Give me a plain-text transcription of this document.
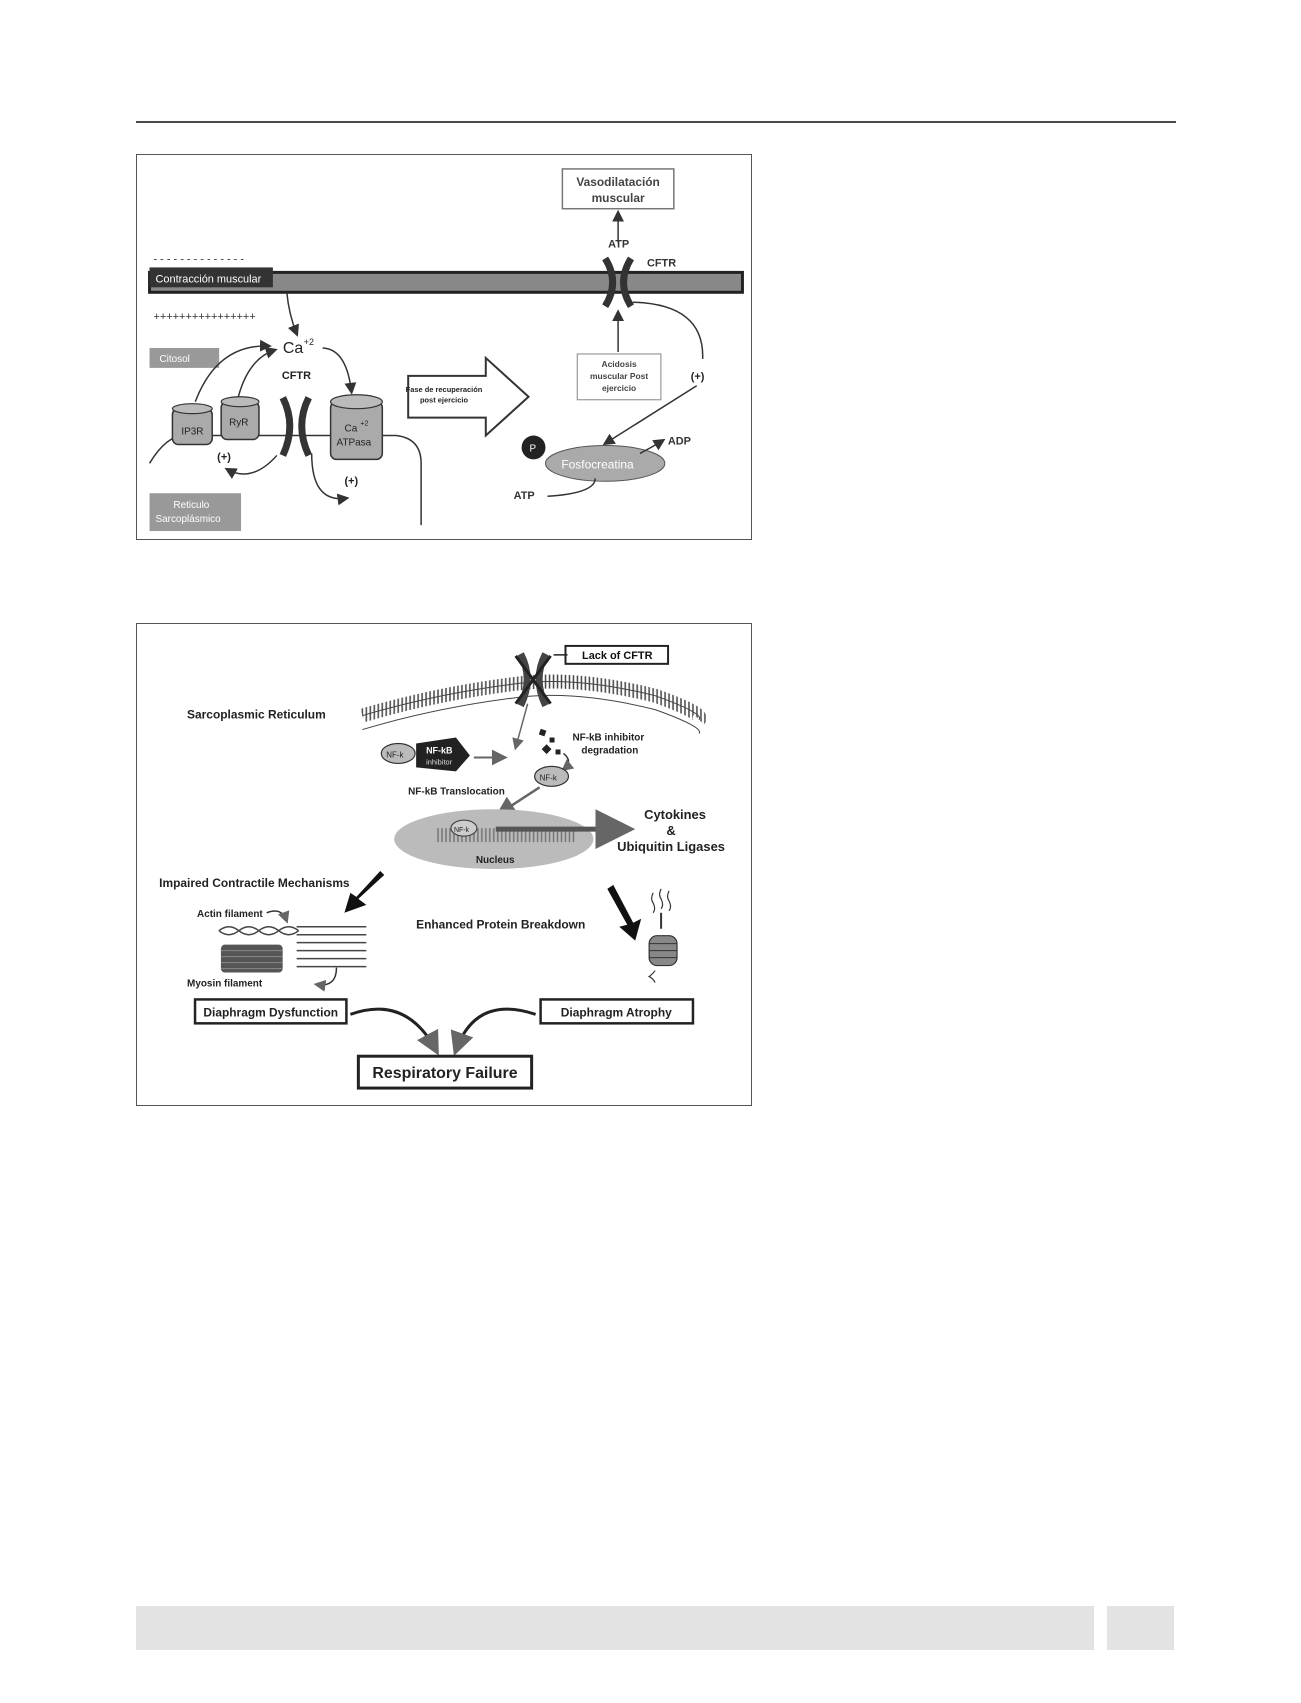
Vasodilatación
muscular
ATP
CFTR
Contracción muscular
- - - - - - - - - - - - - -
++++++++++++++++
Citosol
Ca +2
CFTR
IP3R
RyR
Ca +2
ATPasa
(+)
(+)
Reticulo
Sarcoplásmico
Fase de recuperación
post ejercicio
Acidosis
muscular Post
ejercicio
(+)
Fosfocreatina
P
ADP
ATP
Lack of CFTR
Sarcoplasmic Reticulum
NF-k	NF-kB
inhibitor
NF-kB inhibitor
degradation
NF-k
NF-kB Translocation
NF-k
Nucleus
Cytokines
&
Ubiquitin Ligases
Impaired Contractile Mechanisms
Actin filament
Myosin filament
Enhanced Protein Breakdown
Diaphragm Dysfunction	Diaphragm Atrophy
Respiratory Failure
